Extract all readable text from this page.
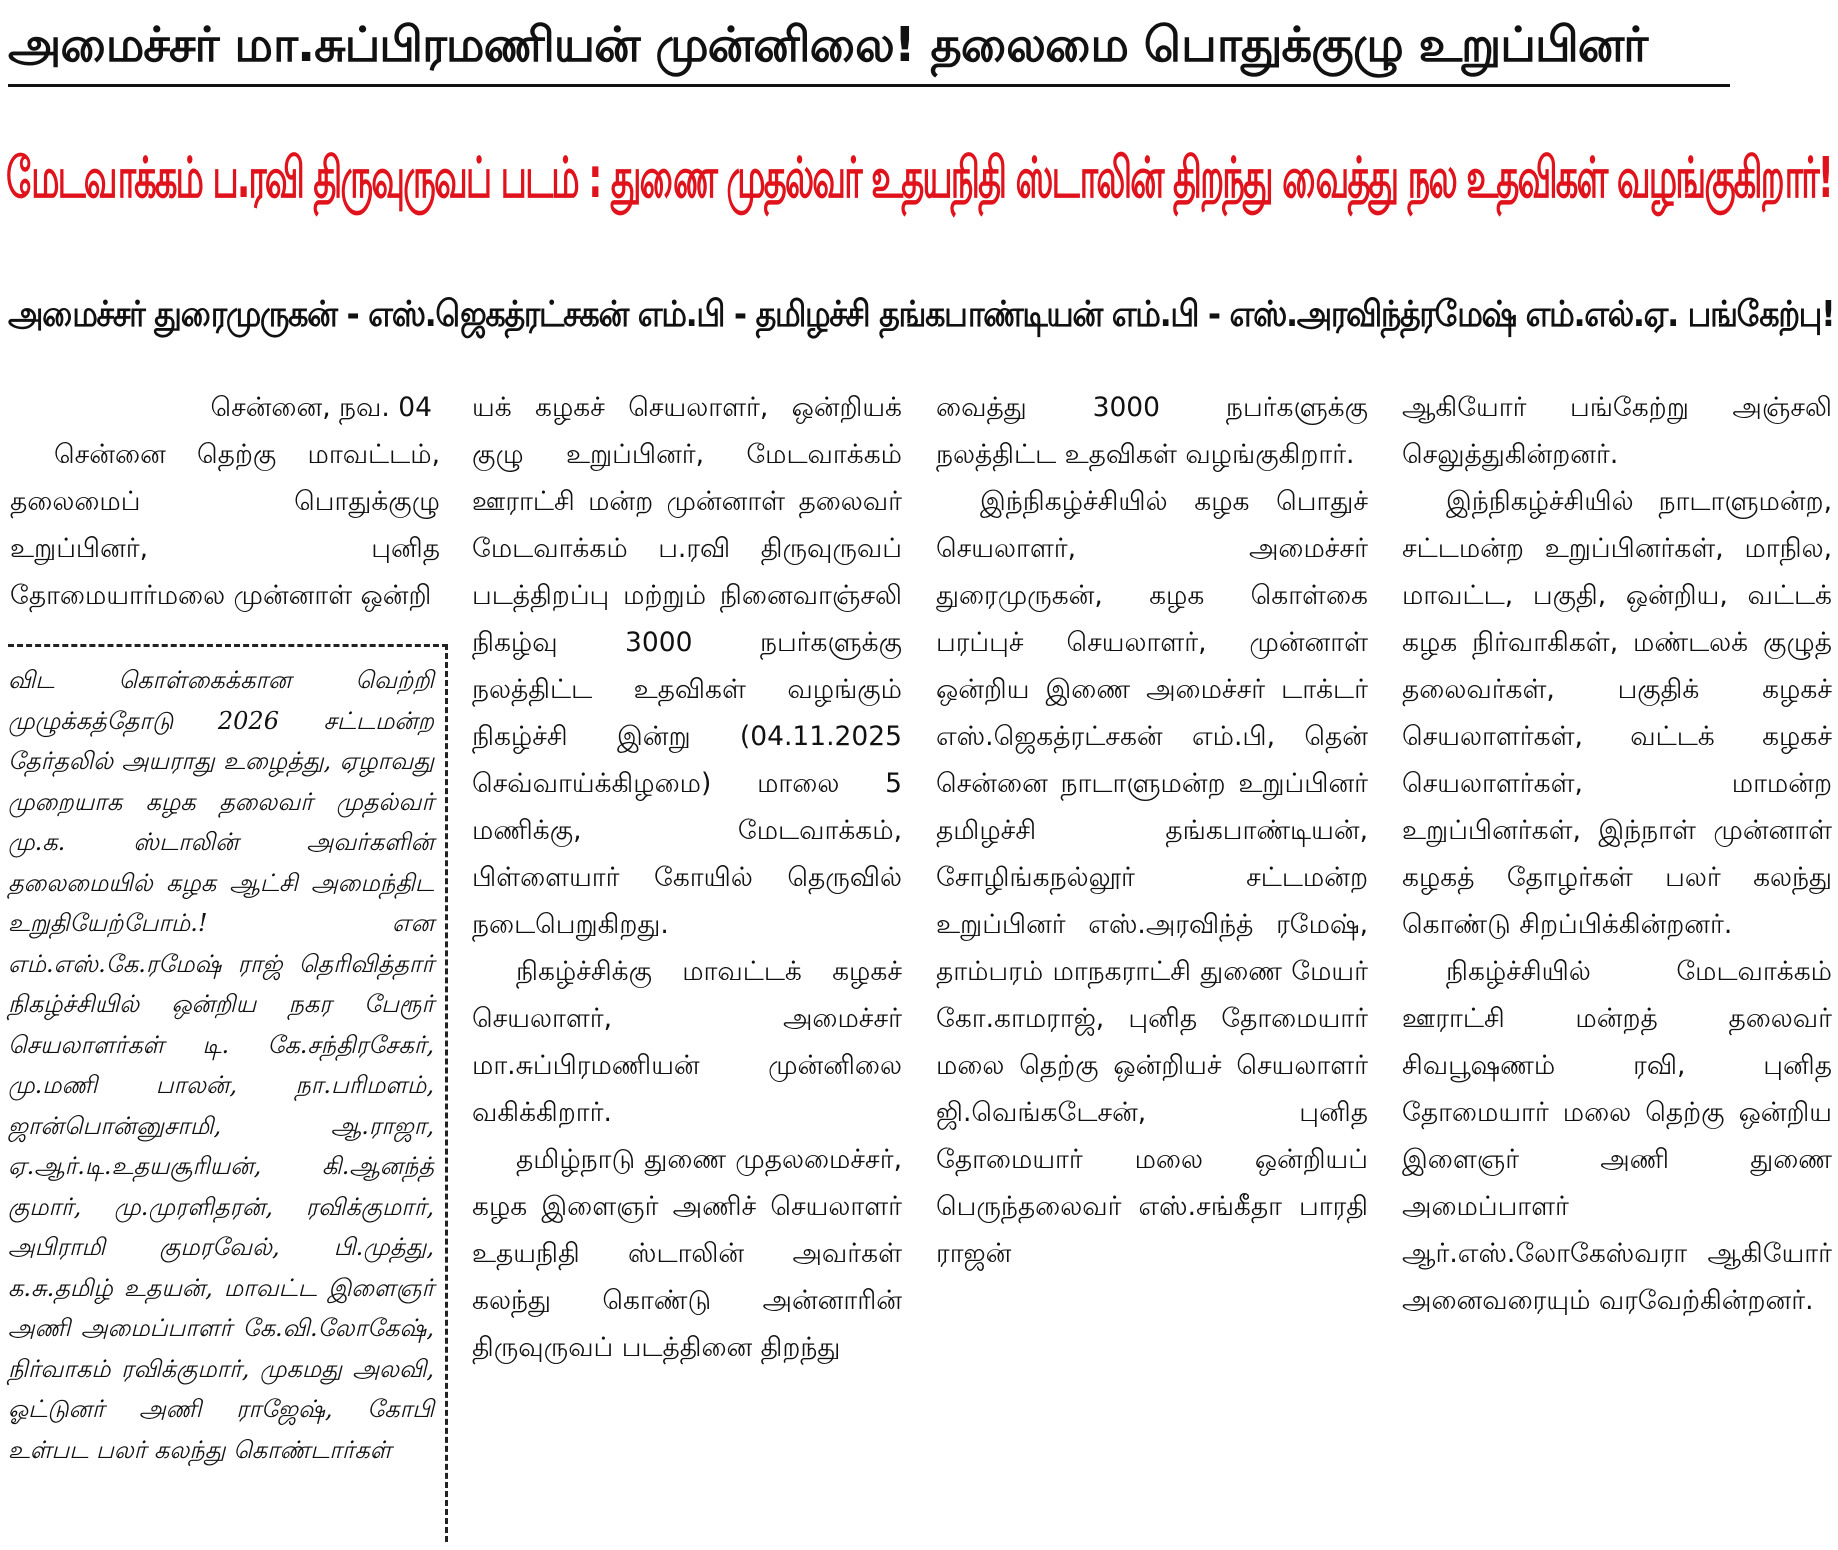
அமைச்சர் மா.சுப்பிரமணியன் முன்னிலை! தலைமை பொதுக்குழு உறுப்பினர்
மேடவாக்கம் ப.ரவி திருவுருவப் படம் : துணை முதல்வர் உதயநிதி ஸ்டாலின் திறந்து வைத்து நல உதவிகள் வழங்குகிறார்!
அமைச்சர் துரைமுருகன் - எஸ்.ஜெகத்ரட்சகன் எம்.பி - தமிழச்சி தங்கபாண்டியன் எம்.பி - எஸ்.அரவிந்த்ரமேஷ் எம்.எல்.ஏ. பங்கேற்பு!

சென்னை, நவ. 04

சென்னை தெற்கு மாவட்டம், தலைமைப் பொதுக்குழு உறுப்பினர், புனித தோமையார்மலை முன்னாள் ஒன்றி

விட கொள்கைக்கான வெற்றி முழுக்கத்தோடு 2026 சட்டமன்ற தேர்தலில் அயராது உழைத்து, ஏழாவது முறையாக கழக தலைவர் முதல்வர் மு.க. ஸ்டாலின் அவர்களின் தலைமையில் கழக ஆட்சி அமைந்திட உறுதியேற்போம்.! என எம்.எஸ்.கே.ரமேஷ் ராஜ் தெரிவித்தார் நிகழ்ச்சியில் ஒன்றிய நகர பேரூர் செயலாளர்கள் டி. கே.சந்திரசேகர், மு.மணி பாலன், நா.பரிமளம், ஜான்பொன்னுசாமி, ஆ.ராஜா, ஏ.ஆர்.டி.உதயசூரியன், கி.ஆனந்த் குமார், மு.முரளிதரன், ரவிக்குமார், அபிராமி குமரவேல், பி.முத்து, க.சு.தமிழ் உதயன், மாவட்ட இளைஞர் அணி அமைப்பாளர் கே.வி.லோகேஷ், நிர்வாகம் ரவிக்குமார், முகமது அலவி, ஓட்டுனர் அணி ராஜேஷ், கோபி உள்பட பலர் கலந்து கொண்டார்கள்

யக் கழகச் செயலாளர், ஒன்றியக் குழு உறுப்பினர், மேடவாக்கம் ஊராட்சி மன்ற முன்னாள் தலைவர் மேடவாக்கம் ப.ரவி திருவுருவப் படத்திறப்பு மற்றும் நினைவாஞ்சலி நிகழ்வு 3000 நபர்களுக்கு நலத்திட்ட உதவிகள் வழங்கும் நிகழ்ச்சி இன்று (04.11.2025 செவ்வாய்க்கிழமை) மாலை 5 மணிக்கு, மேடவாக்கம், பிள்ளையார் கோயில் தெருவில் நடைபெறுகிறது.

நிகழ்ச்சிக்கு மாவட்டக் கழகச் செயலாளர், அமைச்சர் மா.சுப்பிரமணியன் முன்னிலை வகிக்கிறார்.

தமிழ்நாடு துணை முதலமைச்சர், கழக இளைஞர் அணிச் செயலாளர் உதயநிதி ஸ்டாலின் அவர்கள் கலந்து கொண்டு அன்னாரின் திருவுருவப் படத்தினை திறந்து

வைத்து 3000 நபர்களுக்கு நலத்திட்ட உதவிகள் வழங்குகிறார்.

இந்நிகழ்ச்சியில் கழக பொதுச் செயலாளர், அமைச்சர் துரைமுருகன், கழக கொள்கை பரப்புச் செயலாளர், முன்னாள் ஒன்றிய இணை அமைச்சர் டாக்டர் எஸ்.ஜெகத்ரட்சகன் எம்.பி, தென் சென்னை நாடாளுமன்ற உறுப்பினர் தமிழச்சி தங்கபாண்டியன், சோழிங்கநல்லூர் சட்டமன்ற உறுப்பினர் எஸ்.அரவிந்த் ரமேஷ், தாம்பரம் மாநகராட்சி துணை மேயர் கோ.காமராஜ், புனித தோமையார் மலை தெற்கு ஒன்றியச் செயலாளர் ஜி.வெங்கடேசன், புனித தோமையார் மலை ஒன்றியப் பெருந்தலைவர் எஸ்.சங்கீதா பாரதி ராஜன்

ஆகியோர் பங்கேற்று அஞ்சலி செலுத்துகின்றனர்.

இந்நிகழ்ச்சியில் நாடாளுமன்ற, சட்டமன்ற உறுப்பினர்கள், மாநில, மாவட்ட, பகுதி, ஒன்றிய, வட்டக் கழக நிர்வாகிகள், மண்டலக் குழுத் தலைவர்கள், பகுதிக் கழகச் செயலாளர்கள், வட்டக் கழகச் செயலாளர்கள், மாமன்ற உறுப்பினர்கள், இந்நாள் முன்னாள் கழகத் தோழர்கள் பலர் கலந்து கொண்டு சிறப்பிக்கின்றனர்.

நிகழ்ச்சியில் மேடவாக்கம் ஊராட்சி மன்றத் தலைவர் சிவபூஷணம் ரவி, புனித தோமையார் மலை தெற்கு ஒன்றிய இளைஞர் அணி துணை அமைப்பாளர் ஆர்.எஸ்.லோகேஸ்வரா ஆகியோர் அனைவரையும் வரவேற்கின்றனர்.
